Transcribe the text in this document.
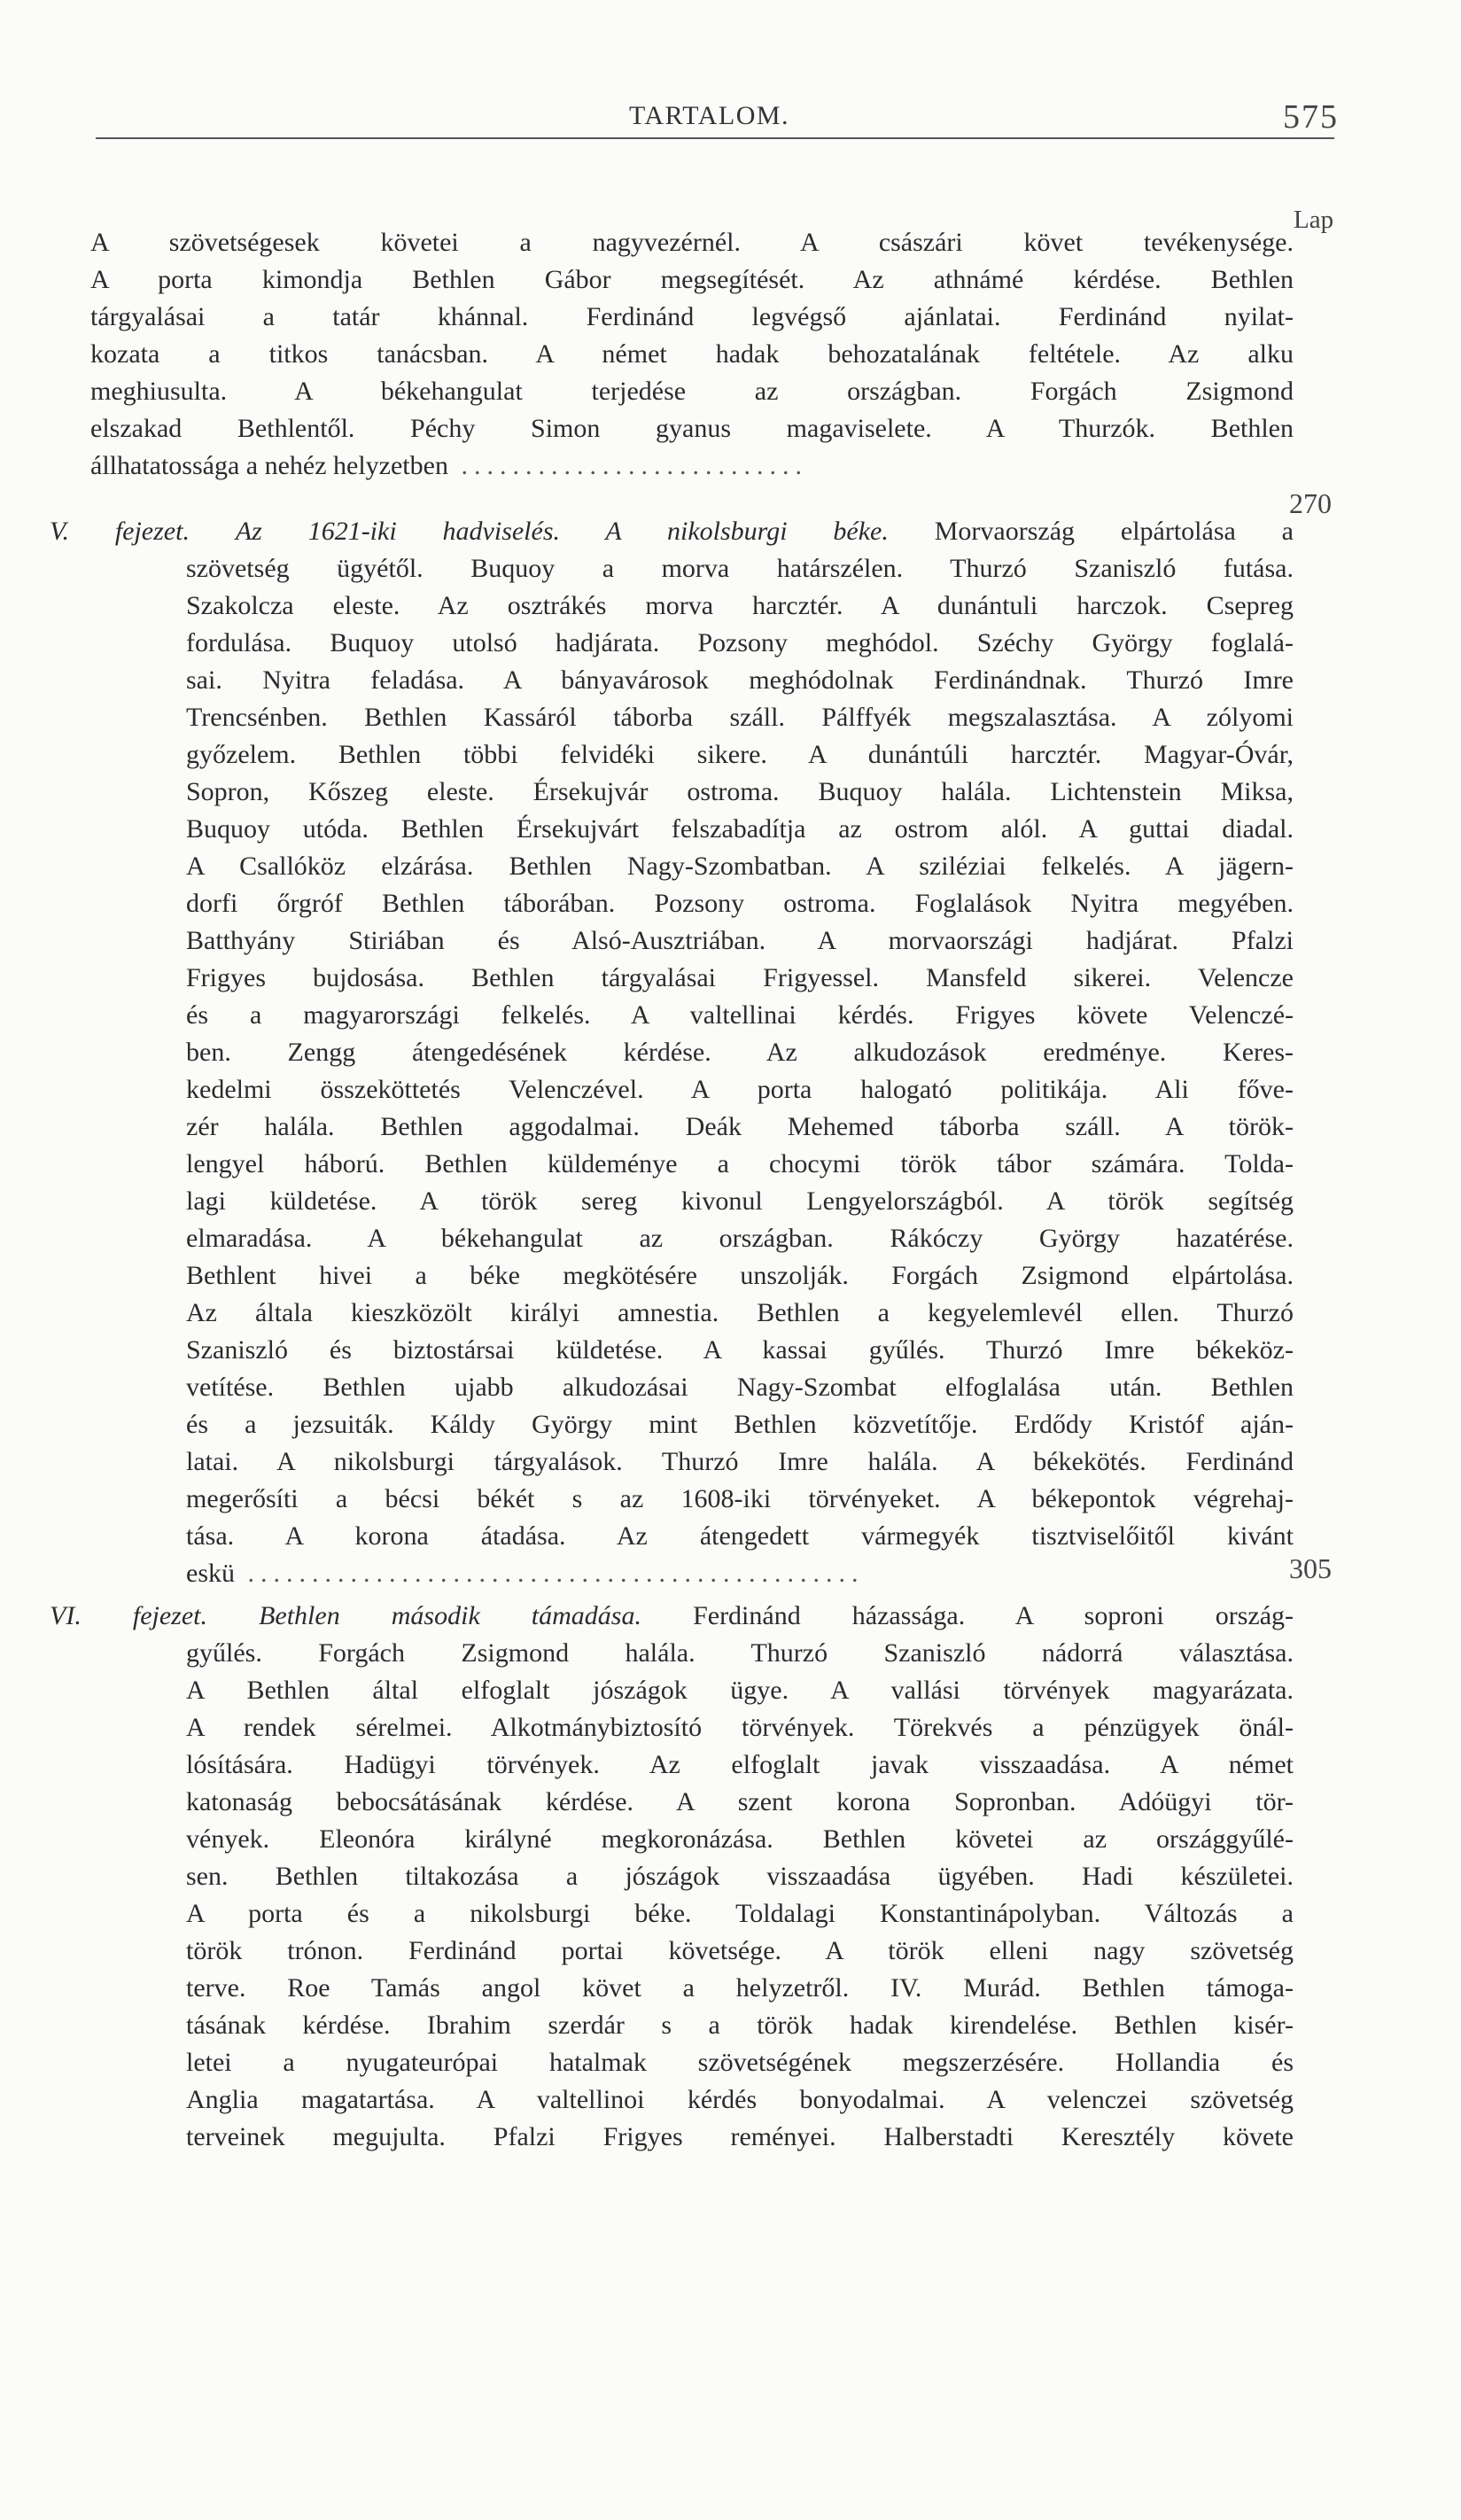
TARTALOM.	575
Lap
A szövetségesek követei a nagyvezérnél. A császári követ tevékenysége.
A porta kimondja Bethlen Gábor megsegítését. Az athnámé kérdése. Bethlen
tárgyalásai a tatár khánnal. Ferdinánd legvégső ajánlatai. Ferdinánd nyilat-
kozata a titkos tanácsban. A német hadak behozatalának feltétele. Az alku
meghiusulta. A békehangulat terjedése az országban. Forgách Zsigmond
elszakad Bethlentől. Péchy Simon gyanus magaviselete. A Thurzók. Bethlen
állhatatossága a nehéz helyzetben ...........................
270
V. fejezet. Az 1621-iki hadviselés. A nikolsburgi béke. Morvaország elpártolása a
szövetség ügyétől. Buquoy a morva határszélen. Thurzó Szaniszló futása.
Szakolcza eleste. Az osztrákés morva harcztér. A dunántuli harczok. Csepreg
fordulása. Buquoy utolsó hadjárata. Pozsony meghódol. Széchy György foglalá-
sai. Nyitra feladása. A bányavárosok meghódolnak Ferdinándnak. Thurzó Imre
Trencsénben. Bethlen Kassáról táborba száll. Pálffyék megszalasztása. A zólyomi
győzelem. Bethlen többi felvidéki sikere. A dunántúli harcztér. Magyar-Óvár,
Sopron, Kőszeg eleste. Érsekujvár ostroma. Buquoy halála. Lichtenstein Miksa,
Buquoy utóda. Bethlen Érsekujvárt felszabadítja az ostrom alól. A guttai diadal.
A Csallóköz elzárása. Bethlen Nagy-Szombatban. A sziléziai felkelés. A jägern-
dorfi őrgróf Bethlen táborában. Pozsony ostroma. Foglalások Nyitra megyében.
Batthyány Stiriában és Alsó-Ausztriában. A morvaországi hadjárat. Pfalzi
Frigyes bujdosása. Bethlen tárgyalásai Frigyessel. Mansfeld sikerei. Velencze
és a magyarországi felkelés. A valtellinai kérdés. Frigyes követe Velenczé-
ben. Zengg átengedésének kérdése. Az alkudozások eredménye. Keres-
kedelmi összeköttetés Velenczével. A porta halogató politikája. Ali fővе-
zér halála. Bethlen aggodalmai. Deák Mehemed táborba száll. A török-
lengyel háború. Bethlen küldeménye a chocymi török tábor számára. Tolda-
lagi küldetése. A török sereg kivonul Lengyelországból. A török segítség
elmaradása. A békehangulat az országban. Rákóczy György hazatérése.
Bethlent hivei a béke megkötésére unszolják. Forgách Zsigmond elpártolása.
Az általa kieszközölt királyi amnestia. Bethlen a kegyelemlevél ellen. Thurzó
Szaniszló és biztostársai küldetése. A kassai gyűlés. Thurzó Imre békeköz-
vetítése. Bethlen ujabb alkudozásai Nagy-Szombat elfoglalása után. Bethlen
és a jezsuiták. Káldy György mint Bethlen közvetítője. Erdődy Kristóf aján-
latai. A nikolsburgi tárgyalások. Thurzó Imre halála. A békekötés. Ferdinánd
megerősíti a bécsi békét s az 1608-iki törvényeket. A békepontok végrehaj-
tása. A korona átadása. Az átengedett vármegyék tisztviselőitől kivánt
eskü ................................................	305
VI. fejezet. Bethlen második támadása. Ferdinánd házassága. A soproni ország-
gyűlés. Forgách Zsigmond halála. Thurzó Szaniszló nádorrá választása.
A Bethlen által elfoglalt jószágok ügye. A vallási törvények magyarázata.
A rendek sérelmei. Alkotmánybiztosító törvények. Törekvés a pénzügyek önál-
lósítására. Hadügyi törvények. Az elfoglalt javak visszaadása. A német
katonaság bebocsátásának kérdése. A szent korona Sopronban. Adóügyi tör-
vények. Eleonóra királyné megkoronázása. Bethlen követei az országgyűlé-
sen. Bethlen tiltakozása a jószágok visszaadása ügyében. Hadi készületei.
A porta és a nikolsburgi béke. Toldalagi Konstantinápolyban. Változás a
török trónon. Ferdinánd portai követsége. A török elleni nagy szövetség
terve. Roe Tamás angol követ a helyzetről. IV. Murád. Bethlen támoga-
tásának kérdése. Ibrahim szerdár s a török hadak kirendelése. Bethlen kisér-
letei a nyugateurópai hatalmak szövetségének megszerzésére. Hollandia és
Anglia magatartása. A valtellinoi kérdés bonyodalmai. A velenczei szövetség
terveinek megujulta. Pfalzi Frigyes reményei. Halberstadti Keresztély követe
